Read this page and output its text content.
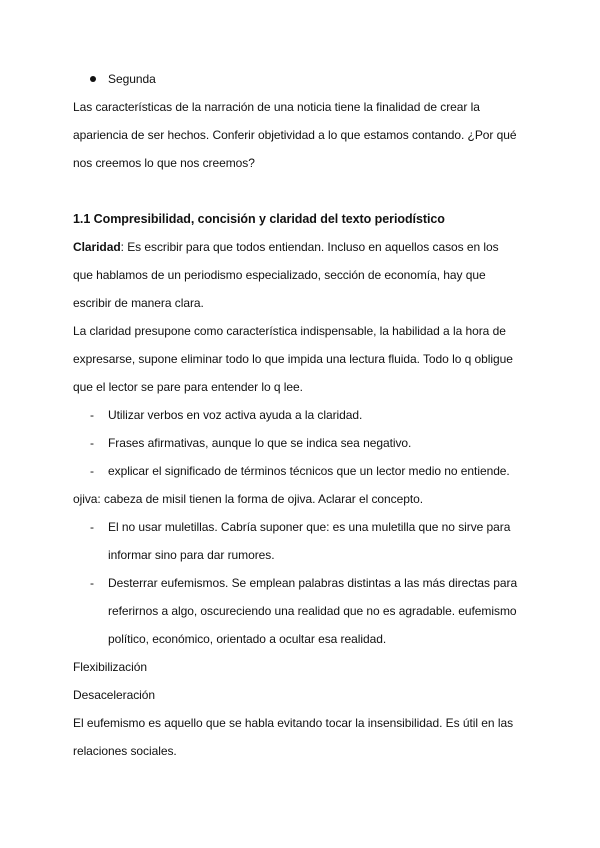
Segunda
Las características de la narración de una noticia tiene la finalidad de crear la
apariencia de ser hechos. Conferir objetividad a lo que estamos contando. ¿Por qué
nos creemos lo que nos creemos?
1.1 Compresibilidad, concisión y claridad del texto periodístico
Claridad: Es escribir para que todos entiendan. Incluso en aquellos casos en los
que hablamos de un periodismo especializado, sección de economía, hay que
escribir de manera clara.
La claridad presupone como característica indispensable, la habilidad a la hora de
expresarse, supone eliminar todo lo que impida una lectura fluida. Todo lo q obligue
que el lector se pare para entender lo q lee.
- Utilizar verbos en voz activa ayuda a la claridad.
- Frases afirmativas, aunque lo que se indica sea negativo.
- explicar el significado de términos técnicos que un lector medio no entiende.
ojiva: cabeza de misil tienen la forma de ojiva. Aclarar el concepto.
- El no usar muletillas. Cabría suponer que: es una muletilla que no sirve para
informar sino para dar rumores.
- Desterrar eufemismos. Se emplean palabras distintas a las más directas para
referirnos a algo, oscureciendo una realidad que no es agradable. eufemismo
político, económico, orientado a ocultar esa realidad.
Flexibilización
Desaceleración
El eufemismo es aquello que se habla evitando tocar la insensibilidad. Es útil en las
relaciones sociales.
